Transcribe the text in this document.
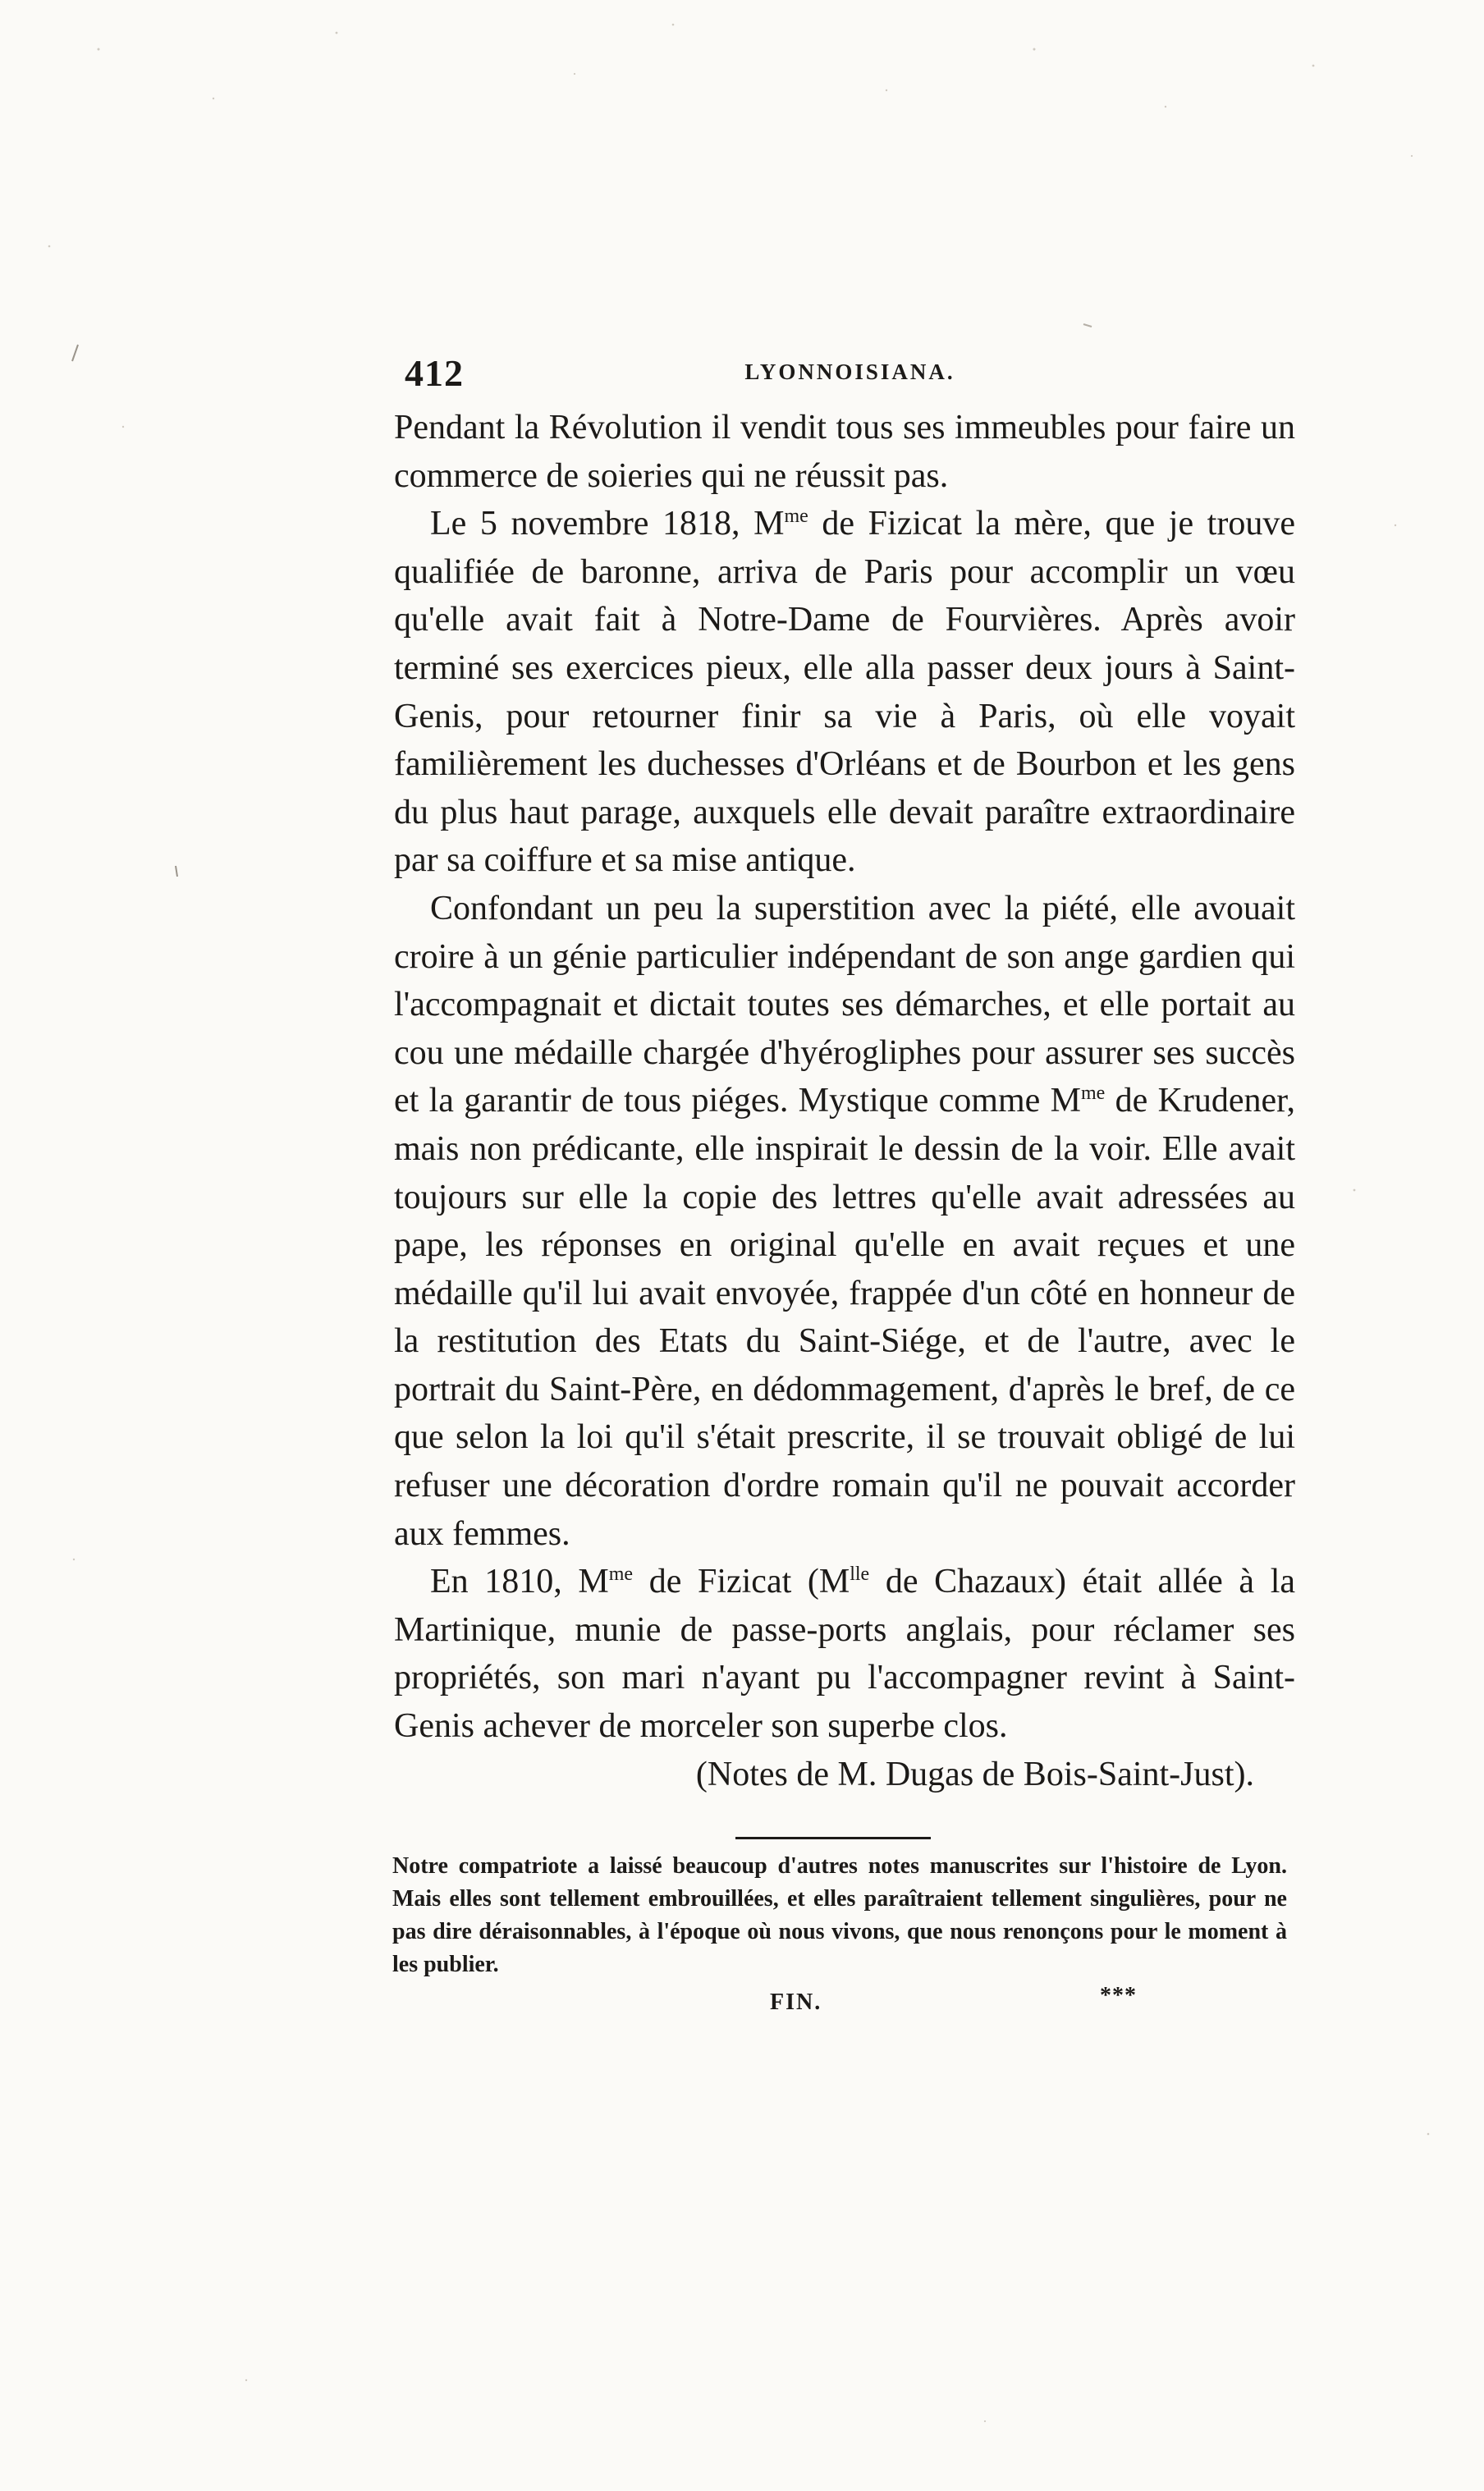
412	LYONNOISIANA.

Pendant la Révolution il vendit tous ses immeubles pour faire un commerce de soieries qui ne réussit pas.

Le 5 novembre 1818, $M^{me}$ de Fizicat la mère, que je trouve qualifiée de baronne, arriva de Paris pour accomplir un vœu qu'elle avait fait à Notre-Dame de Fourvières. Après avoir terminé ses exercices pieux, elle alla passer deux jours à Saint-Genis, pour retourner finir sa vie à Paris, où elle voyait familièrement les duchesses d'Orléans et de Bourbon et les gens du plus haut parage, auxquels elle devait paraître extraordinaire par sa coiffure et sa mise antique.

Confondant un peu la superstition avec la piété, elle avouait croire à un génie particulier indépendant de son ange gardien qui l'accompagnait et dictait toutes ses démarches, et elle portait au cou une médaille chargée d'hyérogliphes pour assurer ses succès et la garantir de tous piéges. Mystique comme $M^{me}$ de Krudener, mais non prédicante, elle inspirait le dessin de la voir. Elle avait toujours sur elle la copie des lettres qu'elle avait adressées au pape, les réponses en original qu'elle en avait reçues et une médaille qu'il lui avait envoyée, frappée d'un côté en honneur de la restitution des Etats du Saint-Siége, et de l'autre, avec le portrait du Saint-Père, en dédommagement, d'après le bref, de ce que selon la loi qu'il s'était prescrite, il se trouvait obligé de lui refuser une décoration d'ordre romain qu'il ne pouvait accorder aux femmes.

En 1810, $M^{me}$ de Fizicat ($M^{lle}$ de Chazaux) était allée à la Martinique, munie de passe-ports anglais, pour réclamer ses propriétés, son mari n'ayant pu l'accompagner revint à Saint-Genis achever de morceler son superbe clos.

(Notes de M. Dugas de Bois-Saint-Just).

Notre compatriote a laissé beaucoup d'autres notes manuscrites sur l'histoire de Lyon. Mais elles sont tellement embrouillées, et elles paraîtraient tellement singulières, pour ne pas dire déraisonnables, à l'époque où nous vivons, que nous renonçons pour le moment à les publier.

FIN.	***
